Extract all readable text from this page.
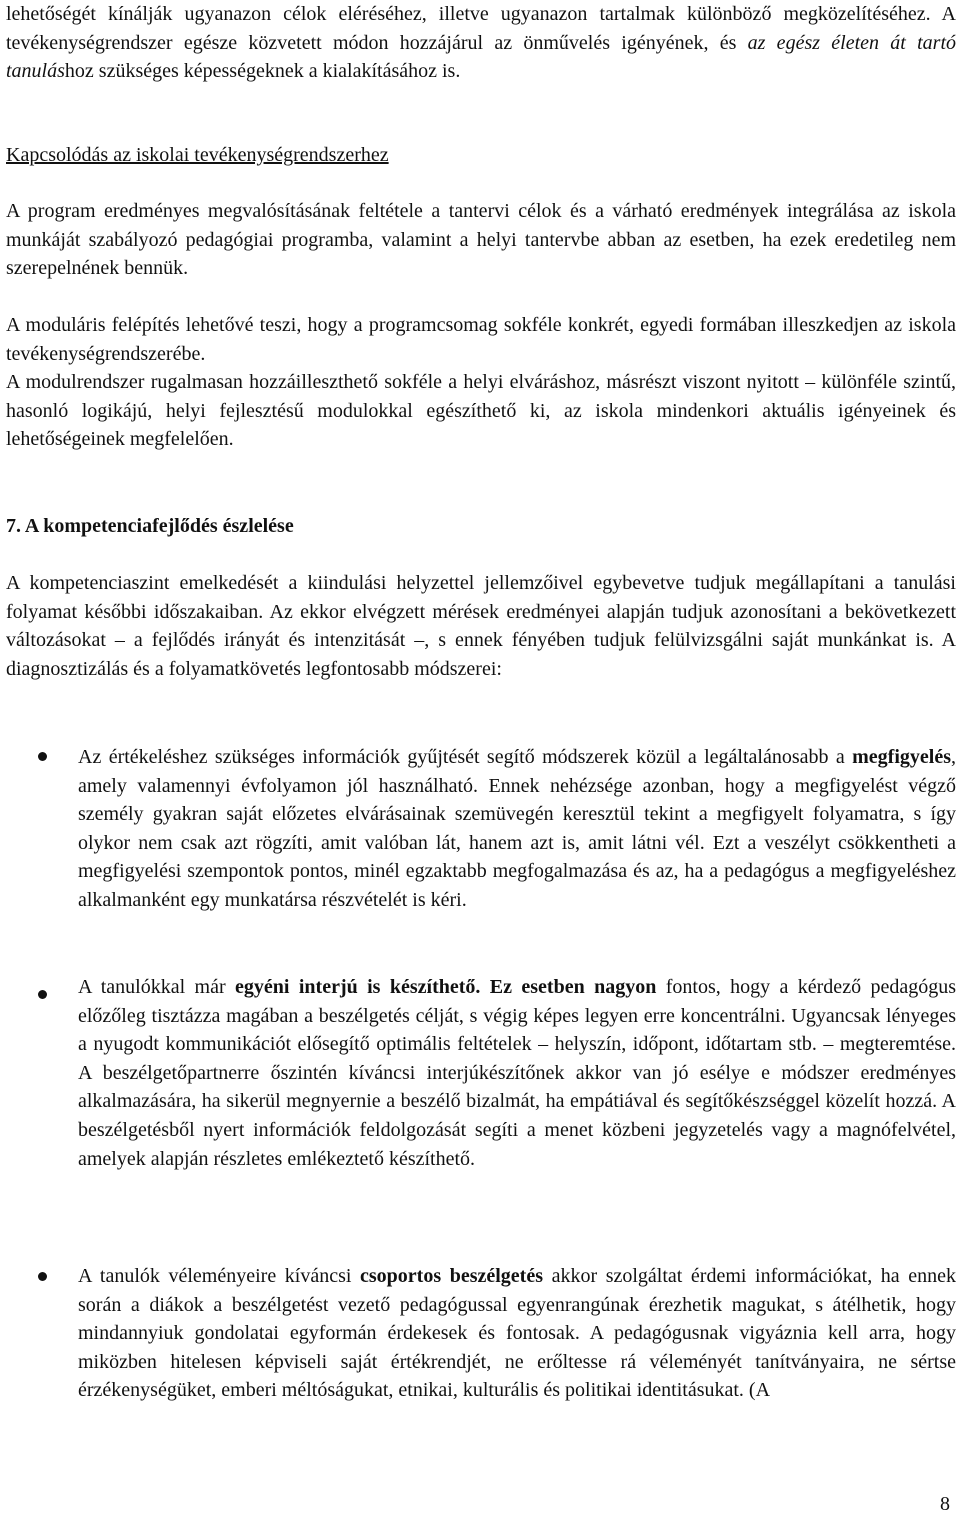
lehetőségét kínálják ugyanazon célok eléréséhez, illetve ugyanazon tartalmak különböző megközelítéséhez. A tevékenységrendszer egésze közvetett módon hozzájárul az önművelés igényének, és az egész életen át tartó tanuláshoz szükséges képességeknek a kialakításához is.

Kapcsolódás az iskolai tevékenységrendszerhez

A program eredményes megvalósításának feltétele a tantervi célok és a várható eredmények integrálása az iskola munkáját szabályozó pedagógiai programba, valamint a helyi tantervbe abban az esetben, ha ezek eredetileg nem szerepelnének bennük.

A moduláris felépítés lehetővé teszi, hogy a programcsomag sokféle konkrét, egyedi formában illeszkedjen az iskola tevékenységrendszerébe.

A modulrendszer rugalmasan hozzáilleszthető sokféle a helyi elváráshoz, másrészt viszont nyitott – különféle szintű, hasonló logikájú, helyi fejlesztésű modulokkal egészíthető ki, az iskola mindenkori aktuális igényeinek és lehetőségeinek megfelelően.

7. A kompetenciafejlődés észlelése

A kompetenciaszint emelkedését a kiindulási helyzettel jellemzőivel egybevetve tudjuk megállapítani a tanulási folyamat későbbi időszakaiban. Az ekkor elvégzett mérések eredményei alapján tudjuk azonosítani a bekövetkezett változásokat – a fejlődés irányát és intenzitását –, s ennek fényében tudjuk felülvizsgálni saját munkánkat is. A diagnosztizálás és a folyamatkövetés legfontosabb módszerei:

Az értékeléshez szükséges információk gyűjtését segítő módszerek közül a legáltalánosabb a megfigyelés, amely valamennyi évfolyamon jól használható. Ennek nehézsége azonban, hogy a megfigyelést végző személy gyakran saját előzetes elvárásainak szemüvegén keresztül tekint a megfigyelt folyamatra, s így olykor nem csak azt rögzíti, amit valóban lát, hanem azt is, amit látni vél. Ezt a veszélyt csökkentheti a megfigyelési szempontok pontos, minél egzaktabb megfogalmazása és az, ha a pedagógus a megfigyeléshez alkalmanként egy munkatársa részvételét is kéri.

A tanulókkal már egyéni interjú is készíthető. Ez esetben nagyon fontos, hogy a kérdező pedagógus előzőleg tisztázza magában a beszélgetés célját, s végig képes legyen erre koncentrálni. Ugyancsak lényeges a nyugodt kommunikációt elősegítő optimális feltételek – helyszín, időpont, időtartam stb. – megteremtése. A beszélgetőpartnerre őszintén kíváncsi interjúkészítőnek akkor van jó esélye e módszer eredményes alkalmazására, ha sikerül megnyernie a beszélő bizalmát, ha empátiával és segítőkészséggel közelít hozzá. A beszélgetésből nyert információk feldolgozását segíti a menet közbeni jegyzetelés vagy a magnófelvétel, amelyek alapján részletes emlékeztető készíthető.

A tanulók véleményeire kíváncsi csoportos beszélgetés akkor szolgáltat érdemi információkat, ha ennek során a diákok a beszélgetést vezető pedagógussal egyenrangúnak érezhetik magukat, s átélhetik, hogy mindannyiuk gondolatai egyformán érdekesek és fontosak. A pedagógusnak vigyáznia kell arra, hogy miközben hitelesen képviseli saját értékrendjét, ne erőltesse rá véleményét tanítványaira, ne sértse érzékenységüket, emberi méltóságukat, etnikai, kulturális és politikai identitásukat. (A

8
